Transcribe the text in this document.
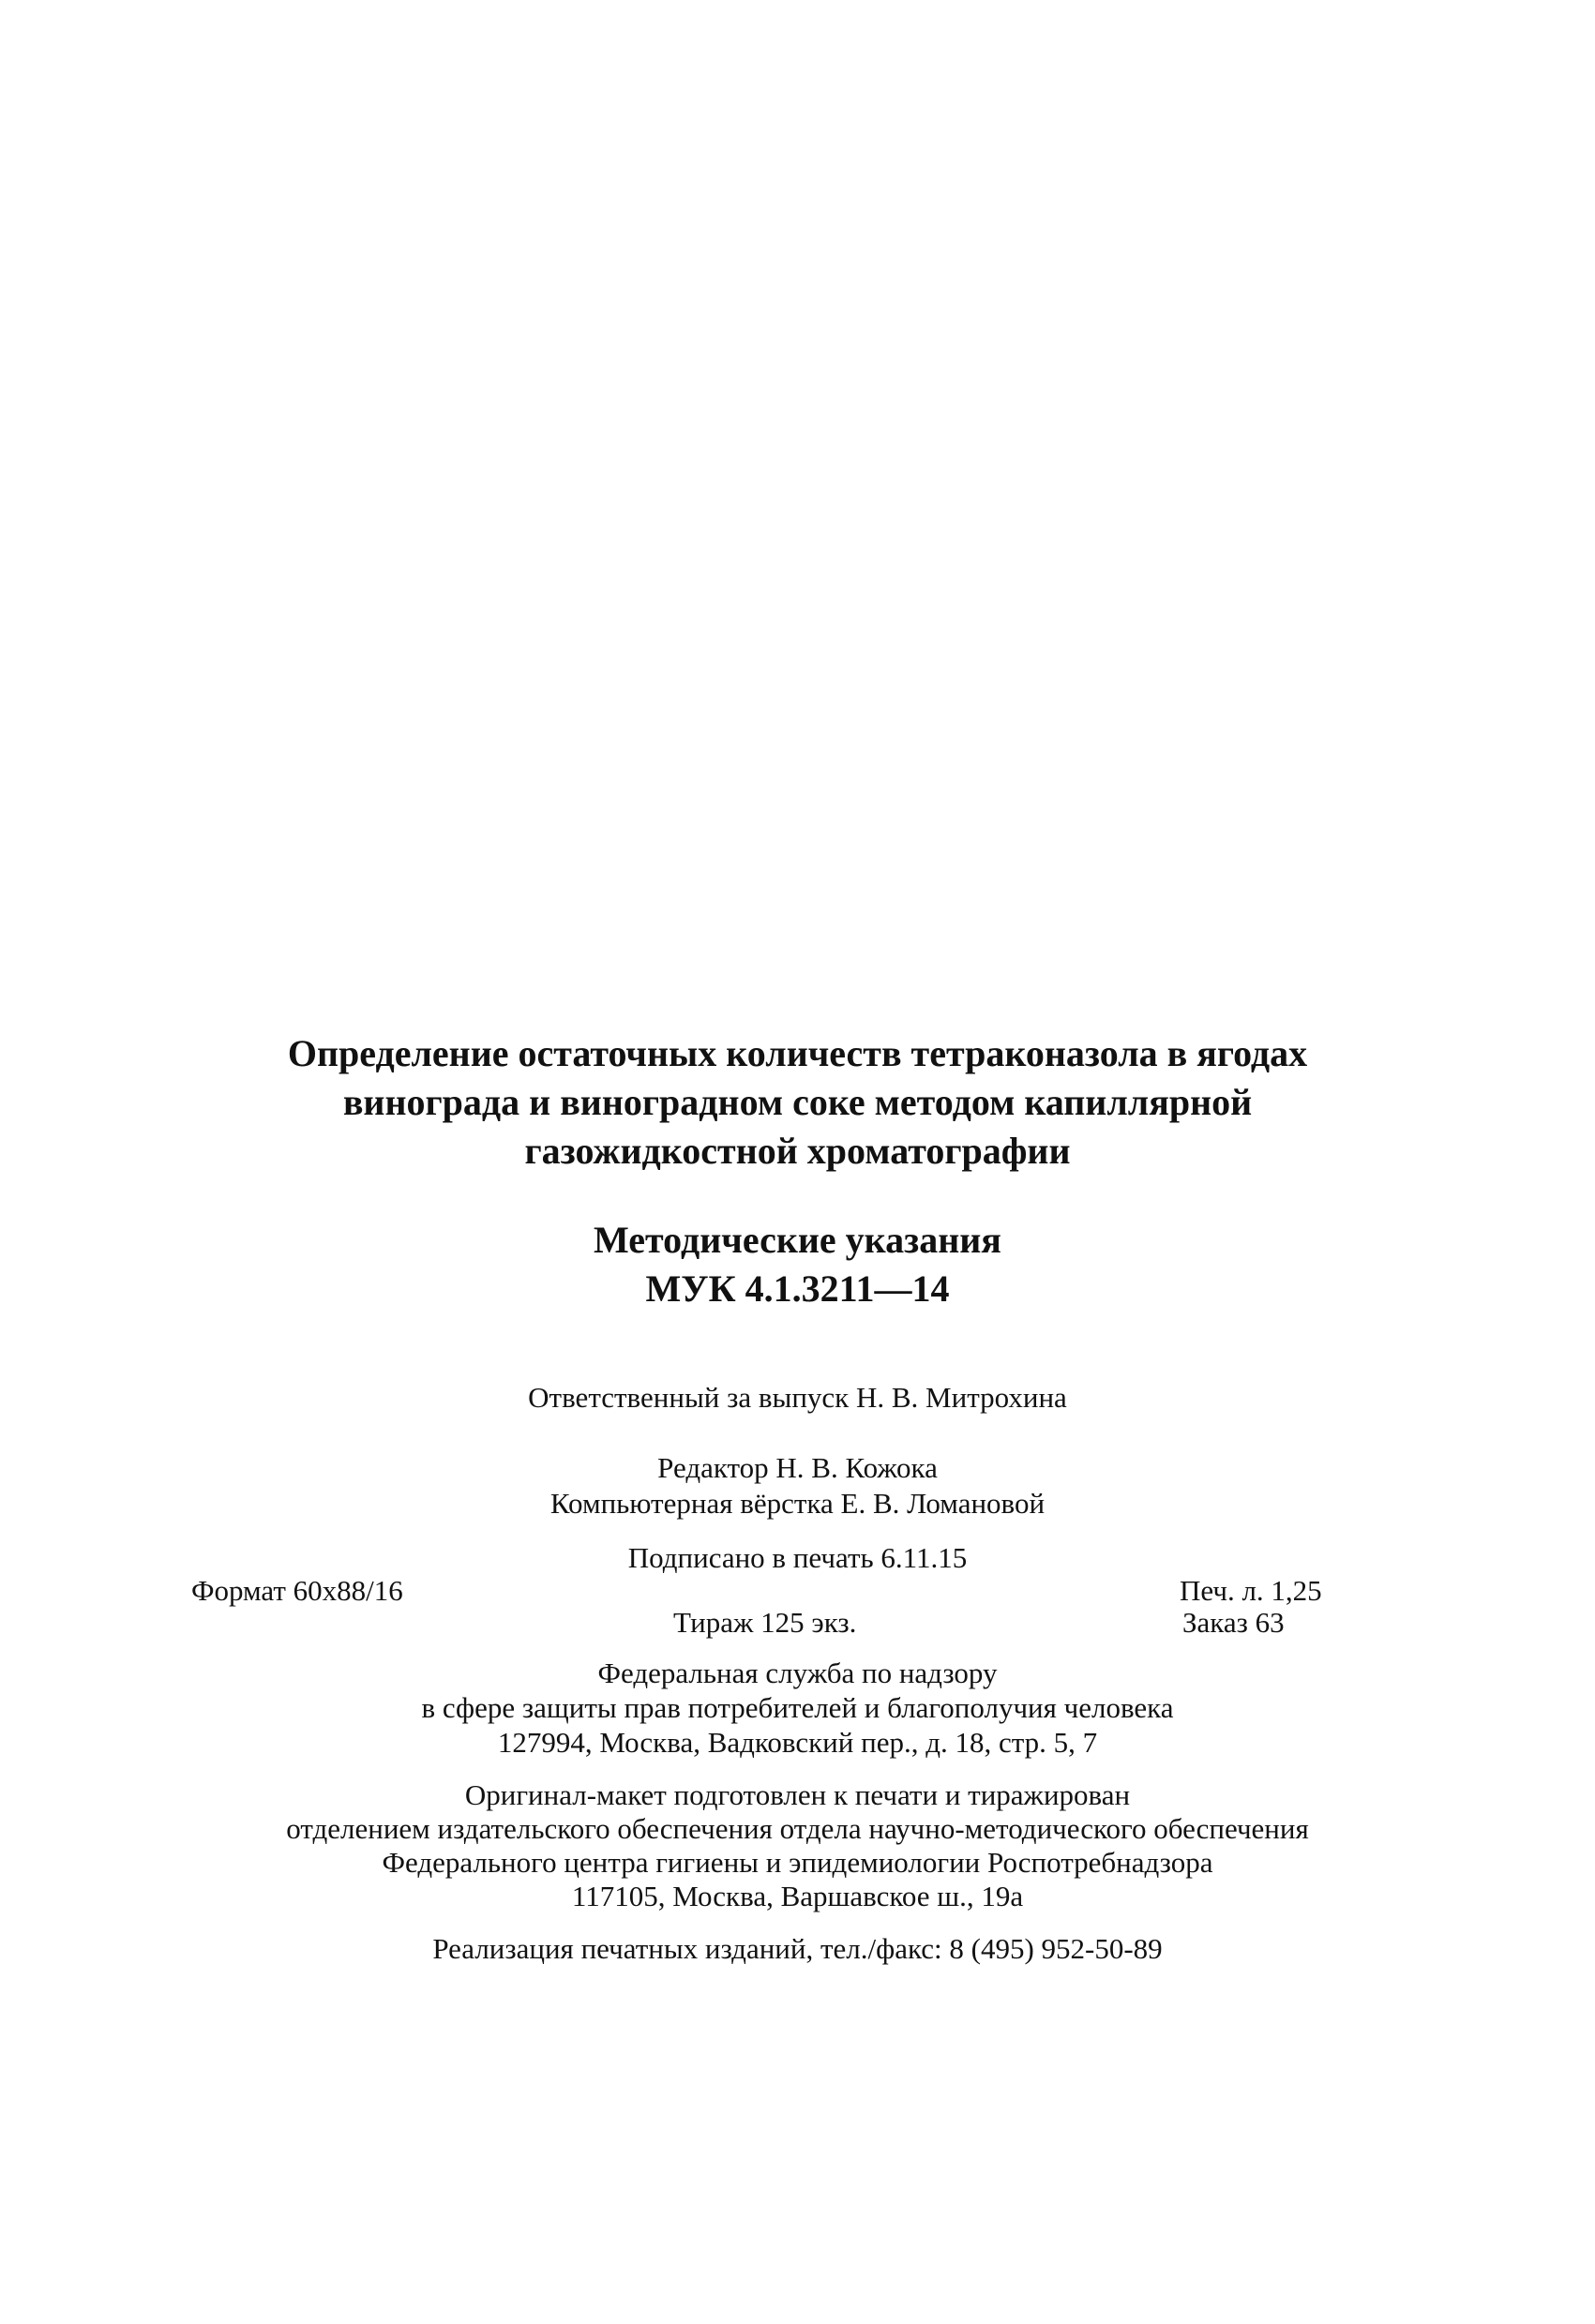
Определение остаточных количеств тетраконазола в ягодах
винограда и виноградном соке методом капиллярной
газожидкостной хроматографии
Методические указания
МУК 4.1.3211—14
Ответственный за выпуск Н. В. Митрохина
Редактор Н. В. Кожока
Компьютерная вёрстка Е. В. Ломановой
Подписано в печать 6.11.15
Формат 60х88/16	Печ. л. 1,25
Тираж 125 экз.	Заказ 63
Федеральная служба по надзору
в сфере защиты прав потребителей и благополучия человека
127994, Москва, Вадковский пер., д. 18, стр. 5, 7
Оригинал-макет подготовлен к печати и тиражирован
отделением издательского обеспечения отдела научно-методического обеспечения
Федерального центра гигиены и эпидемиологии Роспотребнадзора
117105, Москва, Варшавское ш., 19а
Реализация печатных изданий, тел./факс: 8 (495) 952-50-89
